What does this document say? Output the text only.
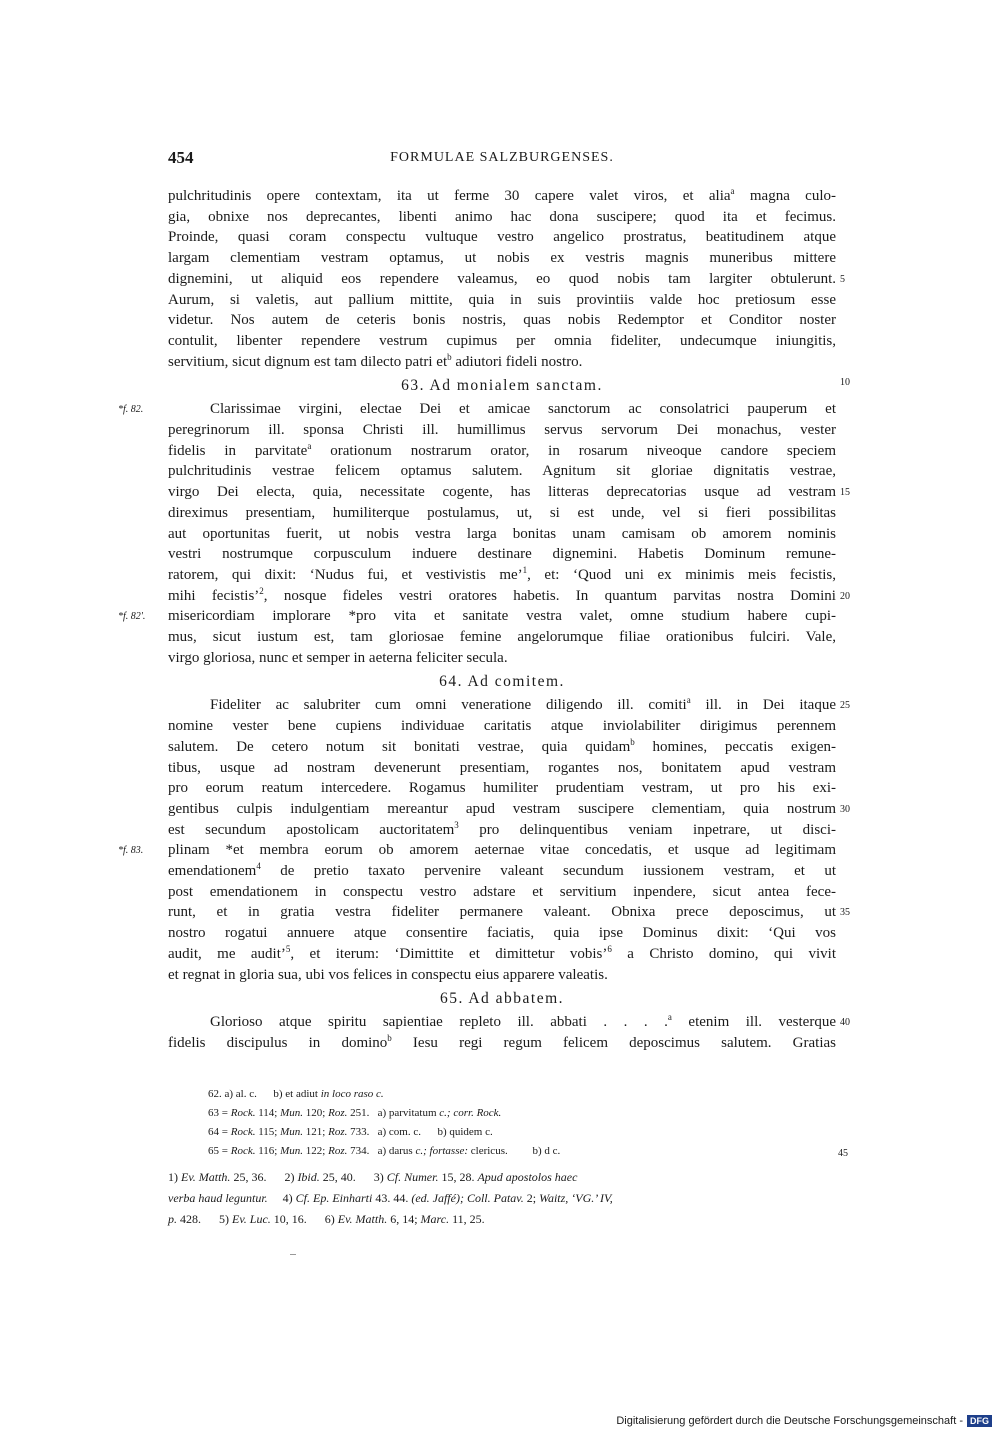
454	FORMULAE SALZBURGENSES.
pulchritudinis opere contextam, ita ut ferme 30 capere valet viros, et alia$^a$ magna culo-
gia, obnixe nos deprecantes, libenti animo hac dona suscipere; quod ita et fecimus.
Proinde, quasi coram conspectu vultuque vestro angelico prostratus, beatitudinem atque
largam clementiam vestram optamus, ut nobis ex vestris magnis muneribus mittere
dignemini, ut aliquid eos rependere valeamus, eo quod nobis tam largiter obtulerunt. 5
Aurum, si valetis, aut pallium mittite, quia in suis provintiis valde hoc pretiosum esse
videtur. Nos autem de ceteris bonis nostris, quas nobis Redemptor et Conditor noster
contulit, libenter rependere vestrum cupimus per omnia fideliter, undecumque iniungitis,
servitium, sicut dignum est tam dilecto patri $et^b$ adiutori fideli nostro.
63. Ad monialem sanctam.	10
Clarissimae virgini, electae Dei et amicae sanctorum ac consolatrici pauperum et
*f. 82.
peregrinorum ill. sponsa Christi ill. humillimus servus servorum Dei monachus, vester
fidelis in parvitate$^a$ orationum nostrarum orator, in rosarum niveoque candore speciem
pulchritudinis vestrae felicem optamus salutem. Agnitum sit gloriae dignitatis vestrae,
virgo Dei electa, quia, necessitate cogente, has litteras deprecatorias usque ad vestram 15
direximus presentiam, humiliterque postulamus, ut, si est unde, vel si fieri possibilitas
aut oportunitas fuerit, ut nobis vestra larga bonitas unam camisam ob amorem nominis
vestri nostrumque corpusculum induere destinare dignemini. Habetis Dominum remune-
ratorem, qui dixit: ‘Nudus fui, et vestivistis me’$^1$, et: ‘Quod uni ex minimis meis fecistis,
mihi fecistis’$^2$, nosque fideles vestri oratores habetis. In quantum parvitas nostra Domini 20
misericordiam implorare *pro vita et sanitate vestra valet, omne studium habere cupi-
*f. 82'.
mus, sicut iustum est, tam gloriosae femine angelorumque filiae orationibus fulciri. Vale,
virgo gloriosa, nunc et semper in aeterna feliciter secula.
64. Ad comitem.
Fideliter ac salubriter cum omni veneratione diligendo ill. comiti$^a$ ill. in Dei itaque 25
nomine vester bene cupiens individuae caritatis atque inviolabiliter dirigimus perennem
salutem. De cetero notum sit bonitati vestrae, quia quidam$^b$ homines, peccatis exigen-
tibus, usque ad nostram devenerunt presentiam, rogantes nos, bonitatem apud vestram
pro eorum reatum intercedere. Rogamus humiliter prudentiam vestram, ut pro his exi-
gentibus culpis indulgentiam mereantur apud vestram suscipere clementiam, quia nostrum 30
est secundum apostolicam auctoritatem$^3$ pro delinquentibus veniam inpetrare, ut disci-
plinam *et membra eorum ob amorem aeternae vitae concedatis, et usque ad legitimam
*f. 83.
emendationem$^4$ de pretio taxato pervenire valeant secundum iussionem vestram, et ut
post emendationem in conspectu vestro adstare et servitium inpendere, sicut antea fece-
runt, et in gratia vestra fideliter permanere valeant. Obnixa prece deposcimus, ut 35
nostro rogatui annuere atque consentire faciatis, quia ipse Dominus dixit: ‘Qui vos
audit, me audit’$^5$, et iterum: ‘Dimittite et dimittetur vobis’$^6$ a Christo domino, qui vivit
et regnat in gloria sua, ubi vos felices in conspectu eius apparere valeatis.
65. Ad abbatem.
Glorioso atque spiritu sapientiae repleto ill. abbati . . . .$^a$ etenim ill. vesterque 40
fidelis discipulus in domino$^b$ Iesu regi regum felicem deposcimus salutem. Gratias
62. a) al. c.      b) et adiut in loco raso c.
63 = Rock. 114; Mun. 120; Roz. 251.   a) parvitatum c.; corr. Rock.
64 = Rock. 115; Mun. 121; Roz. 733.   a) com. c.      b) quidem c.
65 = Rock. 116; Mun. 122; Roz. 734.   a) darus c.; fortasse: clericus.         b) d c.	45
1) Ev. Matth. 25, 36.      2) Ibid. 25, 40.      3) Cf. Numer. 15, 28. Apud apostolos haec
verba haud leguntur.     4) Cf. Ep. Einharti 43. 44. (ed. Jaffé); Coll. Patav. 2; Waitz, ‘VG.’ IV,
p. 428.      5) Ev. Luc. 10, 16.      6) Ev. Matth. 6, 14; Marc. 11, 25.
Digitalisierung gefördert durch die Deutsche Forschungsgemeinschaft - DFG
